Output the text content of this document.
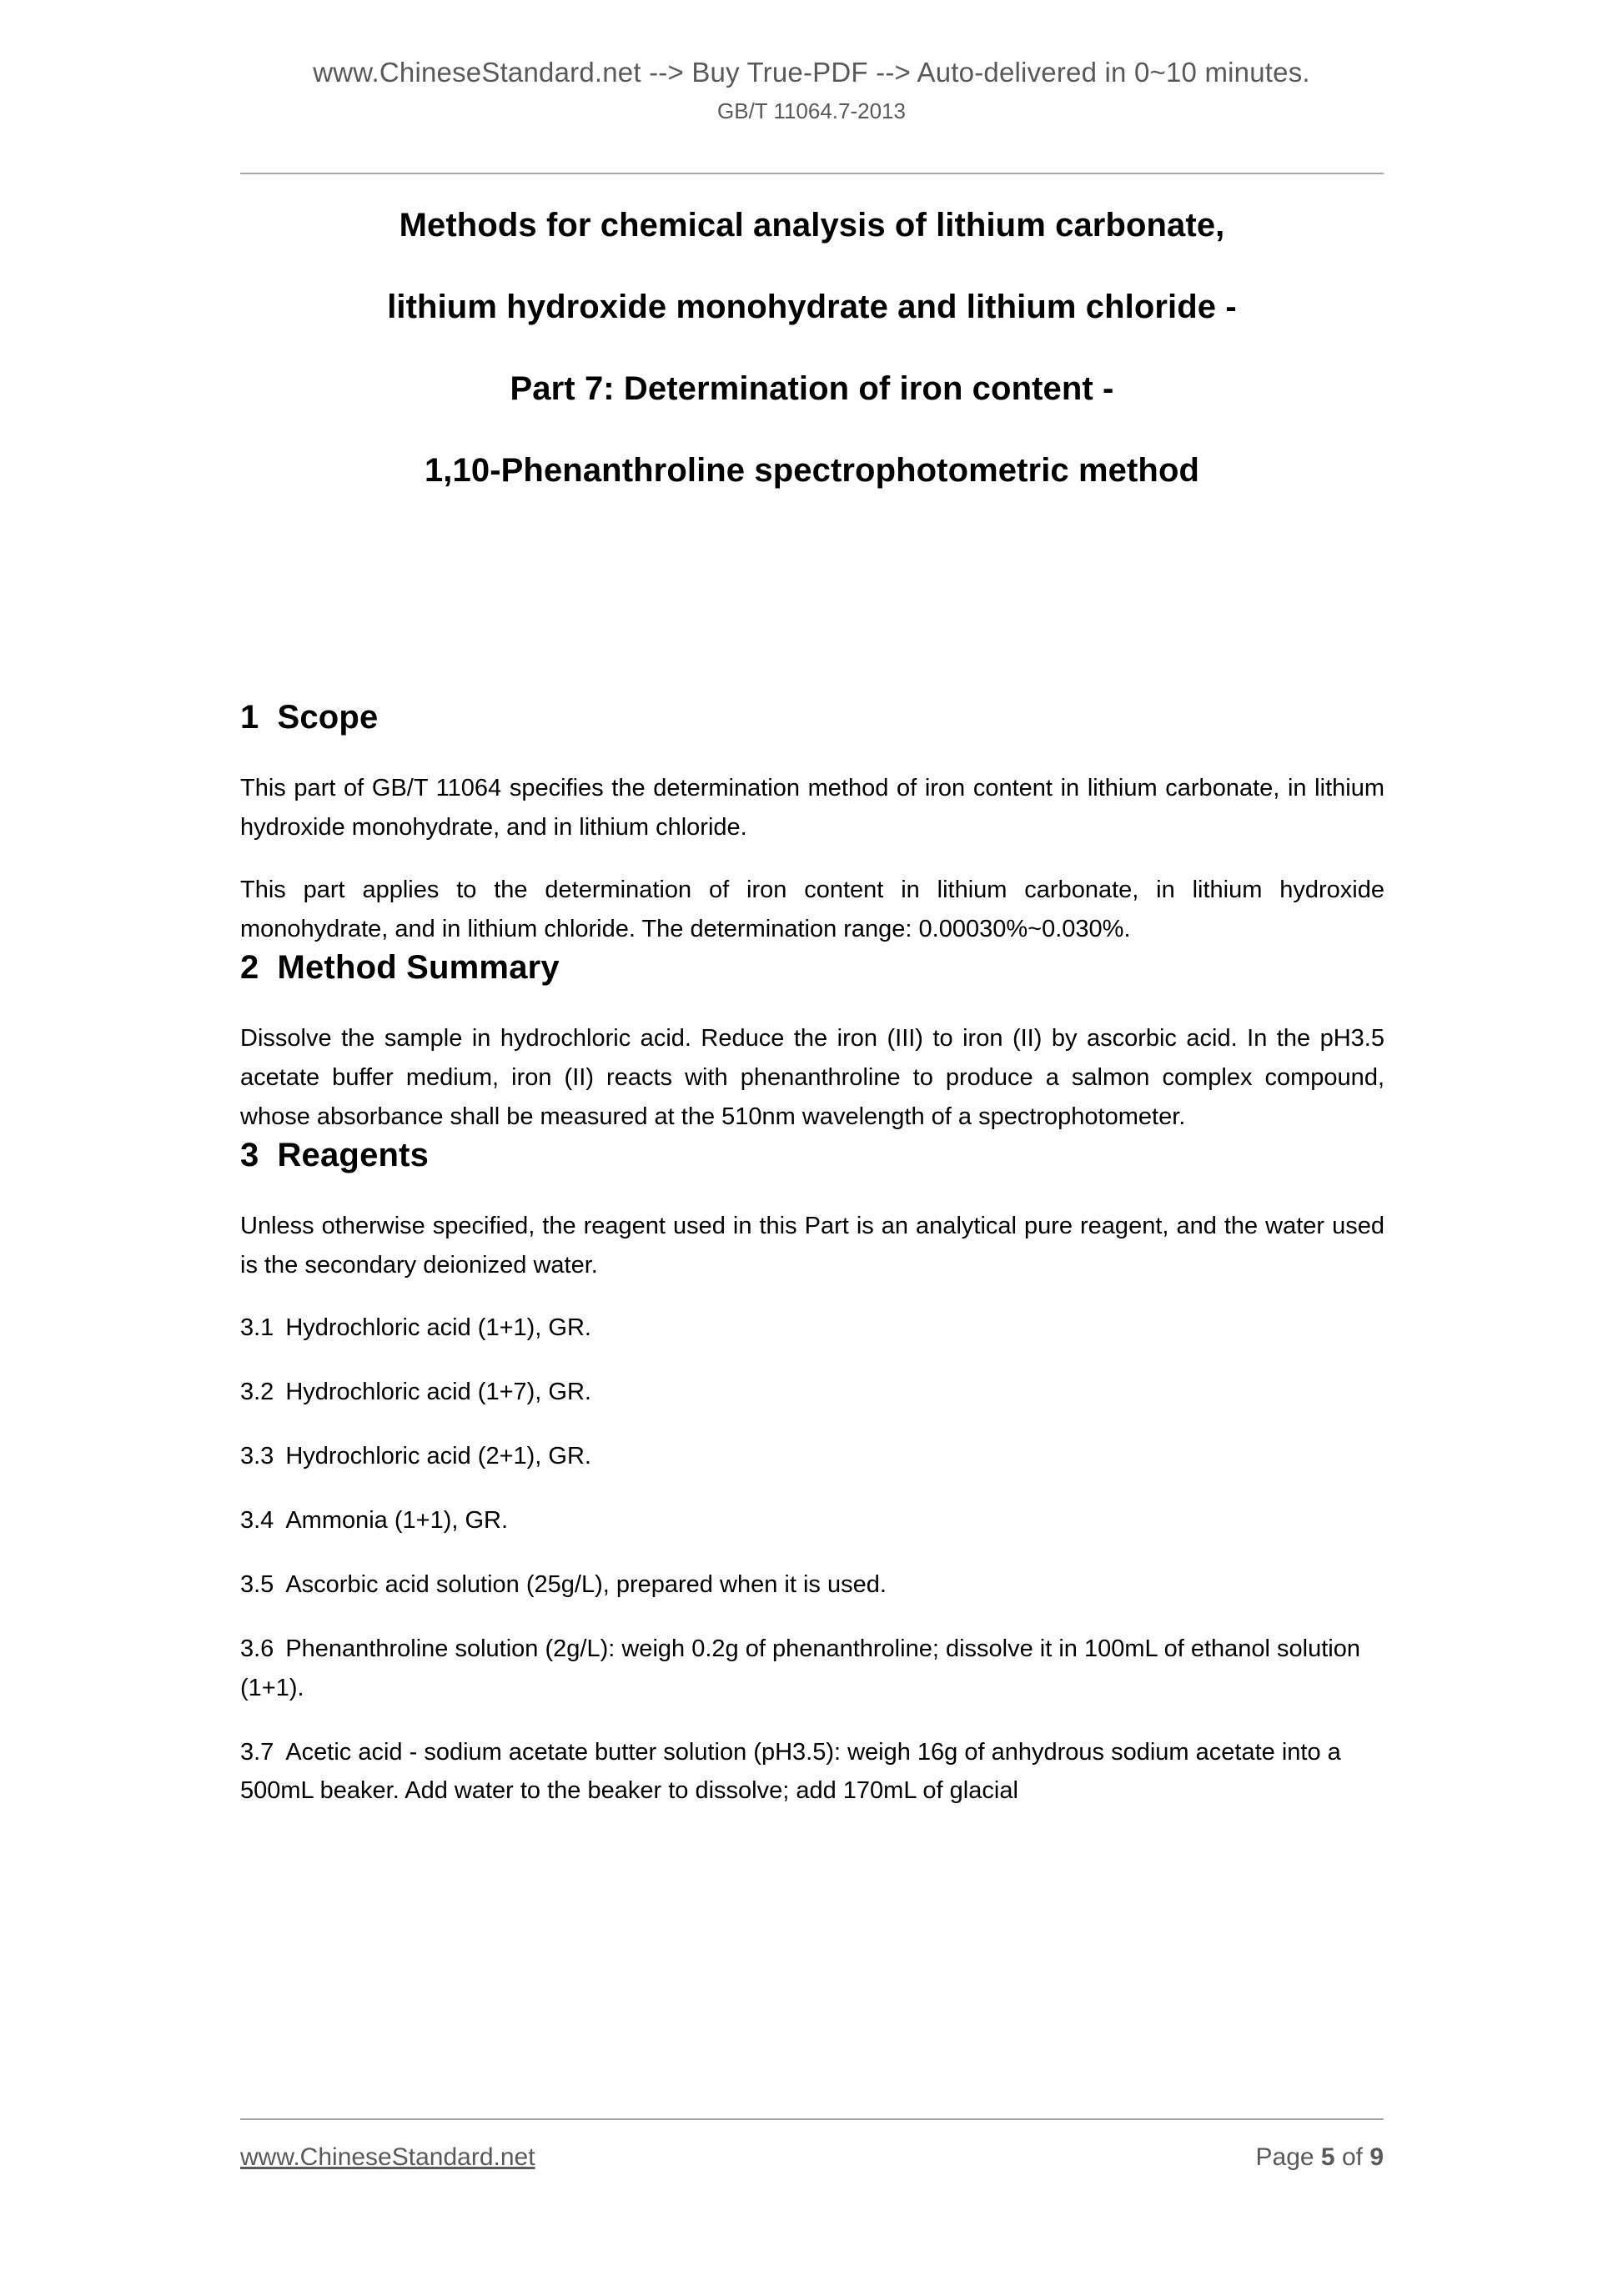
www.ChineseStandard.net --> Buy True-PDF --> Auto-delivered in 0~10 minutes.
GB/T 11064.7-2013
Methods for chemical analysis of lithium carbonate,
lithium hydroxide monohydrate and lithium chloride -
Part 7: Determination of iron content -
1,10-Phenanthroline spectrophotometric method
1 Scope

This part of GB/T 11064 specifies the determination method of iron content in lithium carbonate, in lithium hydroxide monohydrate, and in lithium chloride.

This part applies to the determination of iron content in lithium carbonate, in lithium hydroxide monohydrate, and in lithium chloride. The determination range: 0.00030%~0.030%.

2 Method Summary

Dissolve the sample in hydrochloric acid. Reduce the iron (III) to iron (II) by ascorbic acid. In the pH3.5 acetate buffer medium, iron (II) reacts with phenanthroline to produce a salmon complex compound, whose absorbance shall be measured at the 510nm wavelength of a spectrophotometer.

3 Reagents

Unless otherwise specified, the reagent used in this Part is an analytical pure reagent, and the water used is the secondary deionized water.

3.1 Hydrochloric acid (1+1), GR.

3.2 Hydrochloric acid (1+7), GR.

3.3 Hydrochloric acid (2+1), GR.

3.4 Ammonia (1+1), GR.

3.5 Ascorbic acid solution (25g/L), prepared when it is used.

3.6 Phenanthroline solution (2g/L): weigh 0.2g of phenanthroline; dissolve it in 100mL of ethanol solution (1+1).

3.7 Acetic acid - sodium acetate butter solution (pH3.5): weigh 16g of anhydrous sodium acetate into a 500mL beaker. Add water to the beaker to dissolve; add 170mL of glacial

www.ChineseStandard.net	Page 5 of 9
